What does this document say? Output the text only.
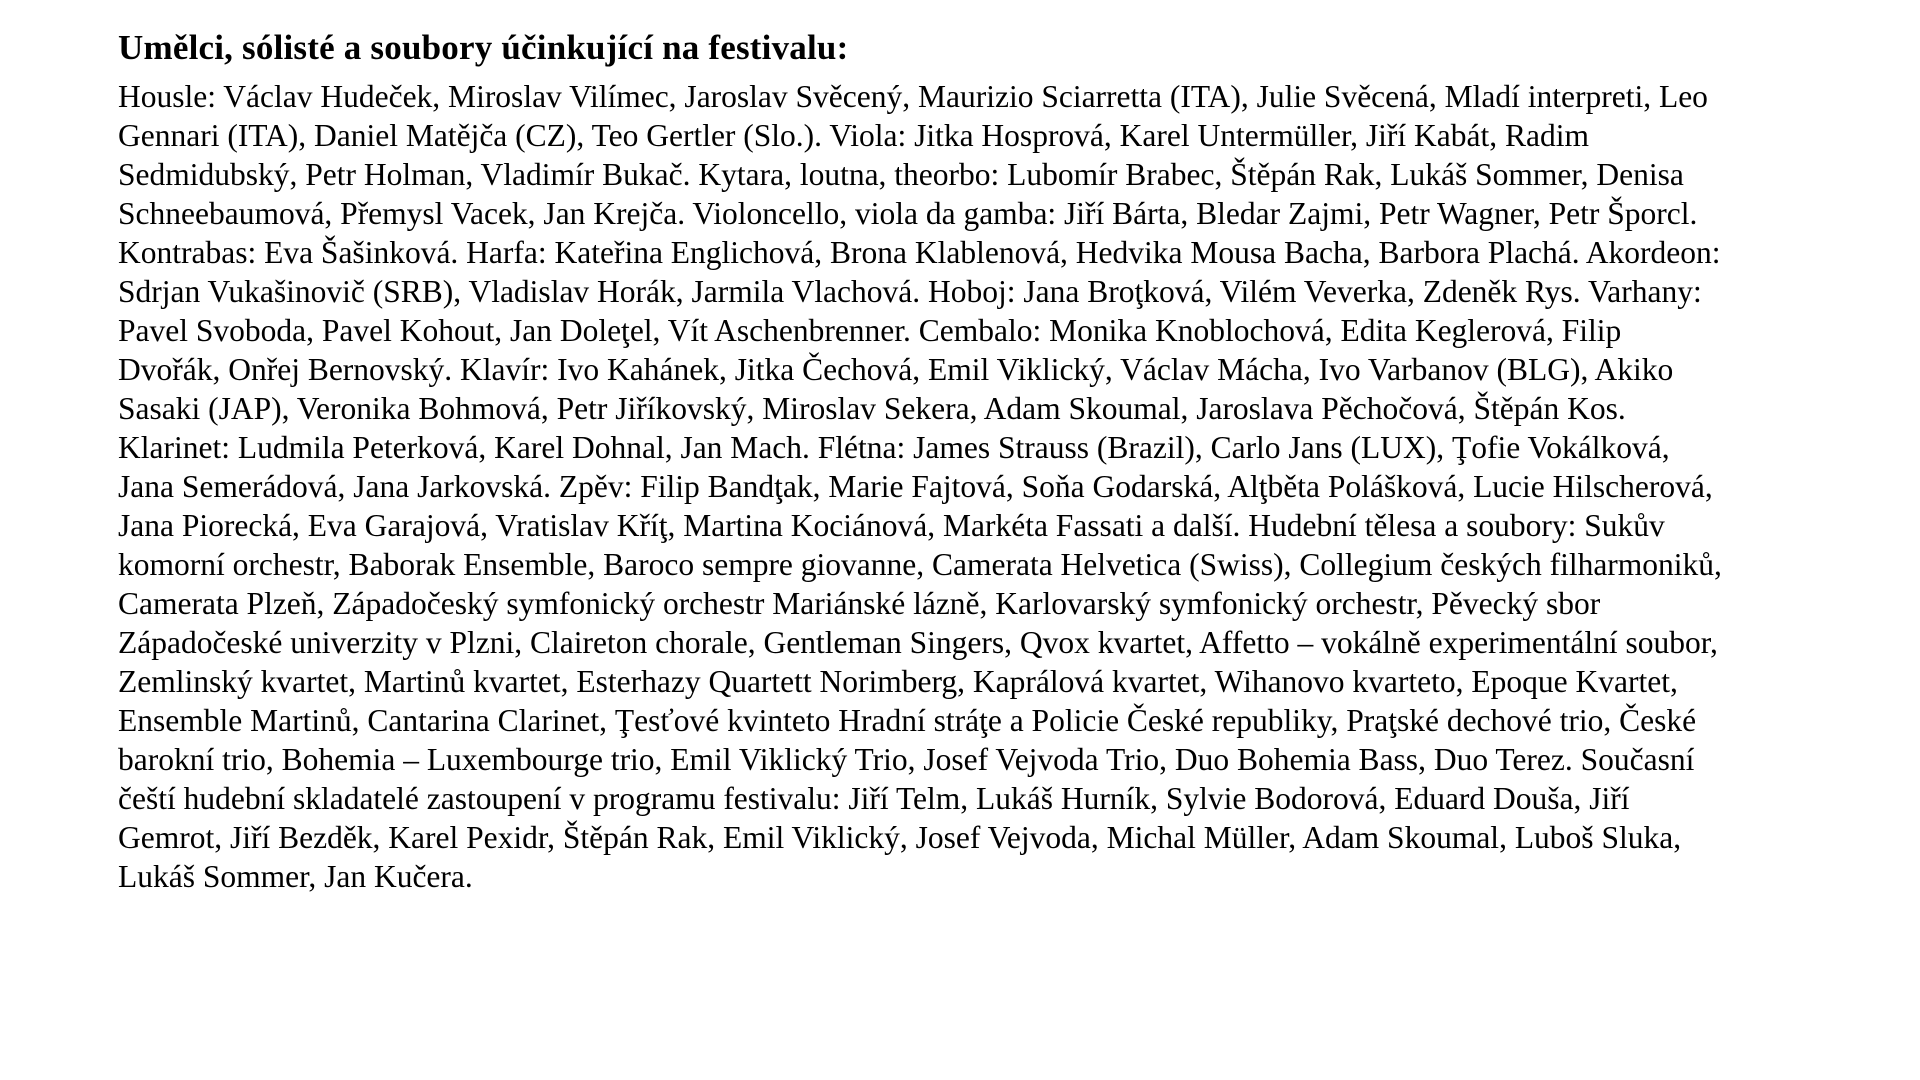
Umělci, sólisté a soubory účinkující na festivalu:
Housle: Václav Hudeček, Miroslav Vilímec, Jaroslav Svěcený, Maurizio Sciarretta (ITA), Julie Svěcená, Mladí interpreti, Leo
Gennari (ITA), Daniel Matějča (CZ), Teo Gertler (Slo.). Viola: Jitka Hosprová, Karel Untermüller, Jiří Kabát, Radim
Sedmidubský, Petr Holman, Vladimír Bukač. Kytara, loutna, theorbo: Lubomír Brabec, Štěpán Rak, Lukáš Sommer, Denisa
Schneebaumová, Přemysl Vacek, Jan Krejča. Violoncello, viola da gamba: Jiří Bárta, Bledar Zajmi, Petr Wagner, Petr Šporcl.
Kontrabas: Eva Šašinková. Harfa: Kateřina Englichová, Brona Klablenová, Hedvika Mousa Bacha, Barbora Plachá. Akordeon:
Sdrjan Vukašinovič (SRB), Vladislav Horák, Jarmila Vlachová. Hoboj: Jana Broţková, Vilém Veverka, Zdeněk Rys. Varhany:
Pavel Svoboda, Pavel Kohout, Jan Doleţel, Vít Aschenbrenner. Cembalo: Monika Knoblochová, Edita Keglerová, Filip
Dvořák, Onřej Bernovský. Klavír: Ivo Kahánek, Jitka Čechová, Emil Viklický, Václav Mácha, Ivo Varbanov (BLG), Akiko
Sasaki (JAP), Veronika Bohmová, Petr Jiříkovský, Miroslav Sekera, Adam Skoumal, Jaroslava Pěchočová, Štěpán Kos.
Klarinet: Ludmila Peterková, Karel Dohnal, Jan Mach. Flétna: James Strauss (Brazil), Carlo Jans (LUX), Ţofie Vokálková,
Jana Semerádová, Jana Jarkovská. Zpěv: Filip Bandţak, Marie Fajtová, Soňa Godarská, Alţběta Polášková, Lucie Hilscherová,
Jana Piorecká, Eva Garajová, Vratislav Kříţ, Martina Kociánová, Markéta Fassati a další. Hudební tělesa a soubory: Sukův
komorní orchestr, Baborak Ensemble, Baroco sempre giovanne, Camerata Helvetica (Swiss), Collegium českých filharmoniků,
Camerata Plzeň, Západočeský symfonický orchestr Mariánské lázně, Karlovarský symfonický orchestr, Pěvecký sbor
Západočeské univerzity v Plzni, Claireton chorale, Gentleman Singers, Qvox kvartet, Affetto – vokálně experimentální soubor,
Zemlinský kvartet, Martinů kvartet, Esterhazy Quartett Norimberg, Kaprálová kvartet, Wihanovo kvarteto, Epoque Kvartet,
Ensemble Martinů, Cantarina Clarinet, Ţesťové kvinteto Hradní stráţe a Policie České republiky, Praţské dechové trio, České
barokní trio, Bohemia – Luxembourge trio, Emil Viklický Trio, Josef Vejvoda Trio, Duo Bohemia Bass, Duo Terez. Současní
čeští hudební skladatelé zastoupení v programu festivalu: Jiří Telm, Lukáš Hurník, Sylvie Bodorová, Eduard Douša, Jiří
Gemrot, Jiří Bezděk, Karel Pexidr, Štěpán Rak, Emil Viklický, Josef Vejvoda, Michal Müller, Adam Skoumal, Luboš Sluka,
Lukáš Sommer, Jan Kučera.
